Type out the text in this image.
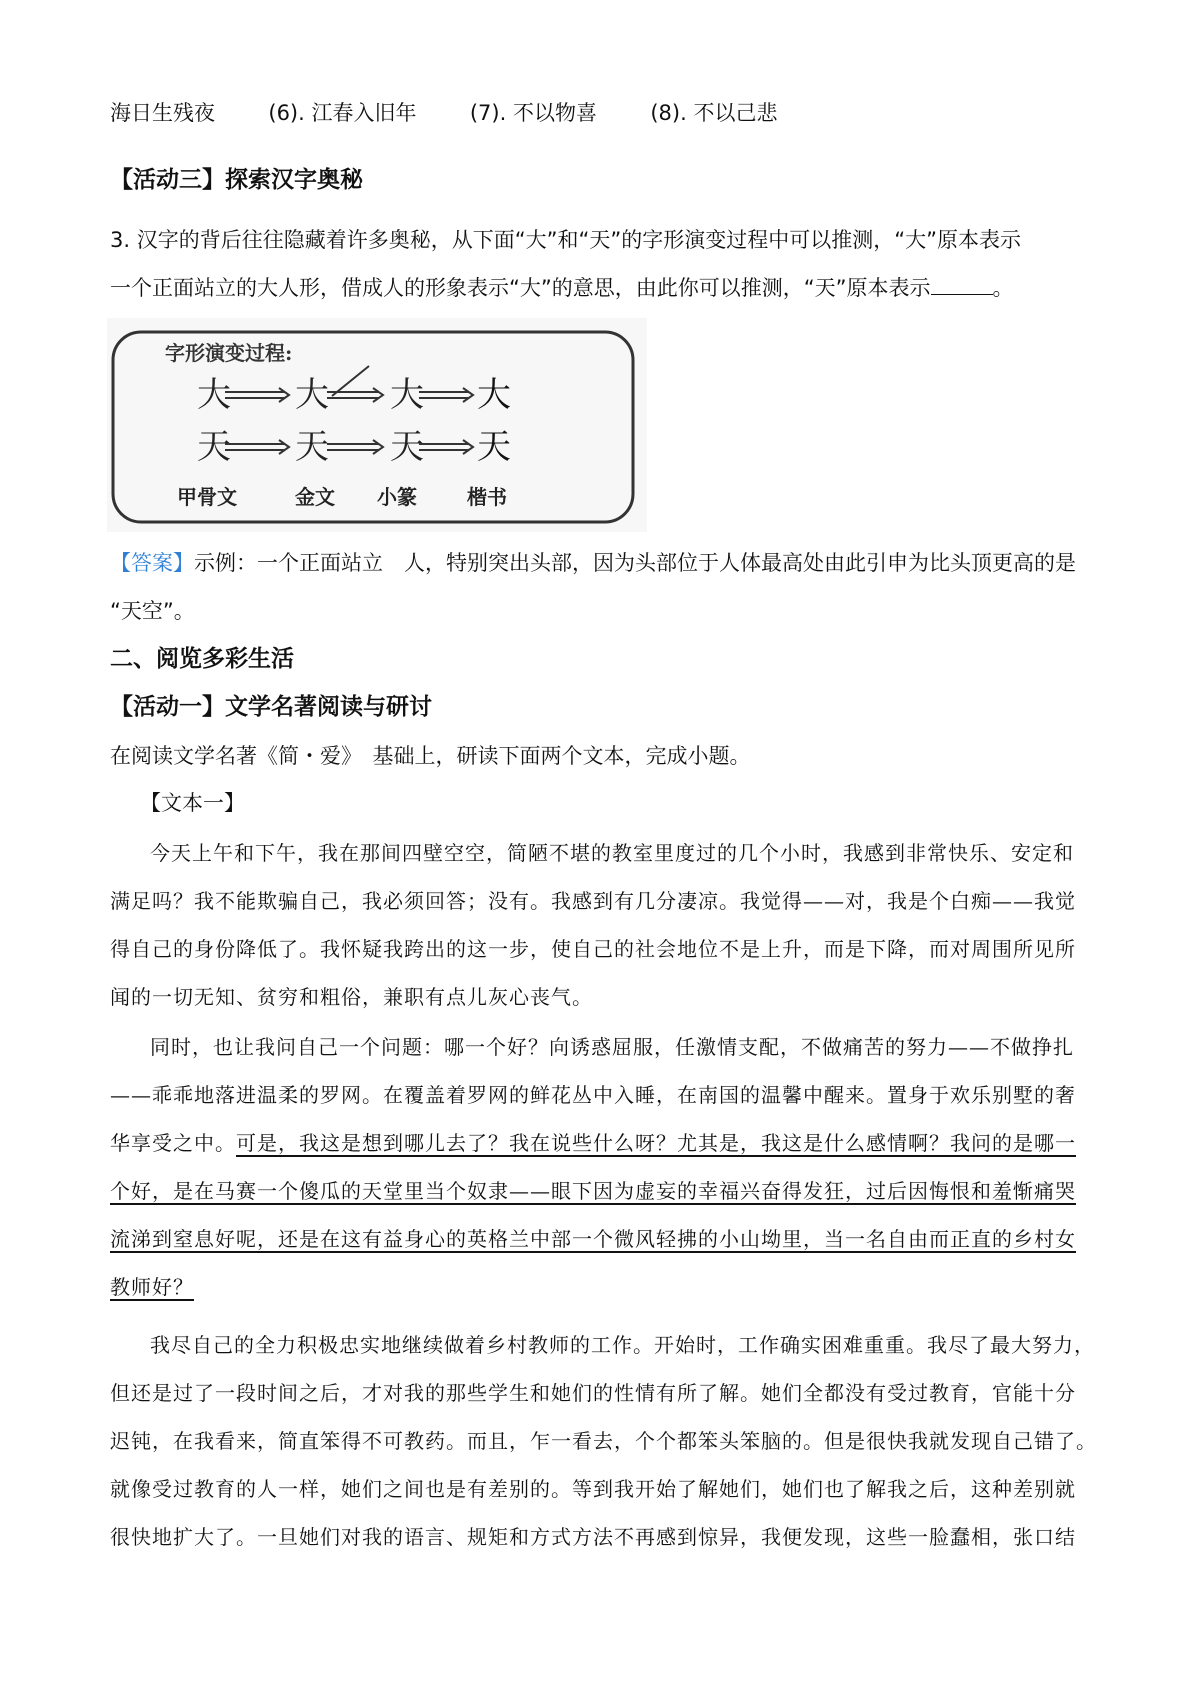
海日生残夜	(6). 江春入旧年	(7). 不以物喜	(8). 不以己悲
【活动三】探索汉字奥秘
3. 汉字的背后往往隐藏着许多奥秘，从下面“大”和“天”的字形演变过程中可以推测，“大”原本表示
一个正面站立的大人形，借成人的形象表示“大”的意思，由此你可以推测，“天”原本表示	。
字形演变过程:
大 大 大 大
天 天 天 天
甲骨文	金文 小篆	楷书
【答案】示例：一个正面站立　人，特别突出头部，因为头部位于人体最高处由此引申为比头顶更高的是
“天空”。
二、阅览多彩生活
【活动一】文学名著阅读与研讨
在阅读文学名著《简・爱》　基础上，研读下面两个文本，完成小题。
【文本一】
今天上午和下午，我在那间四壁空空，简陋不堪的教室里度过的几个小时，我感到非常快乐、安定和
满足吗？我不能欺骗自己，我必须回答；没有。我感到有几分凄凉。我觉得——对，我是个白痴——我觉
得自己的身份降低了。我怀疑我跨出的这一步，使自己的社会地位不是上升，而是下降，而对周围所见所
闻的一切无知、贫穷和粗俗，兼职有点儿灰心丧气。
同时，也让我问自己一个问题：哪一个好？向诱惑屈服，任激情支配，不做痛苦的努力——不做挣扎
——乖乖地落进温柔的罗网。在覆盖着罗网的鲜花丛中入睡，在南国的温馨中醒来。置身于欢乐别墅的奢
华享受之中。可是，我这是想到哪儿去了？我在说些什么呀？尤其是，我这是什么感情啊？我问的是哪一
个好，是在马赛一个傻瓜的天堂里当个奴隶——眼下因为虚妄的幸福兴奋得发狂，过后因悔恨和羞惭痛哭
流涕到窒息好呢，还是在这有益身心的英格兰中部一个微风轻拂的小山坳里，当一名自由而正直的乡村女
教师好？
我尽自己的全力积极忠实地继续做着乡村教师的工作。开始时，工作确实困难重重。我尽了最大努力，
但还是过了一段时间之后，才对我的那些学生和她们的性情有所了解。她们全都没有受过教育，官能十分
迟钝，在我看来，简直笨得不可教药。而且，乍一看去，个个都笨头笨脑的。但是很快我就发现自己错了。
就像受过教育的人一样，她们之间也是有差别的。等到我开始了解她们，她们也了解我之后，这种差别就
很快地扩大了。一旦她们对我的语言、规矩和方式方法不再感到惊异，我便发现，这些一脸蠢相，张口结
